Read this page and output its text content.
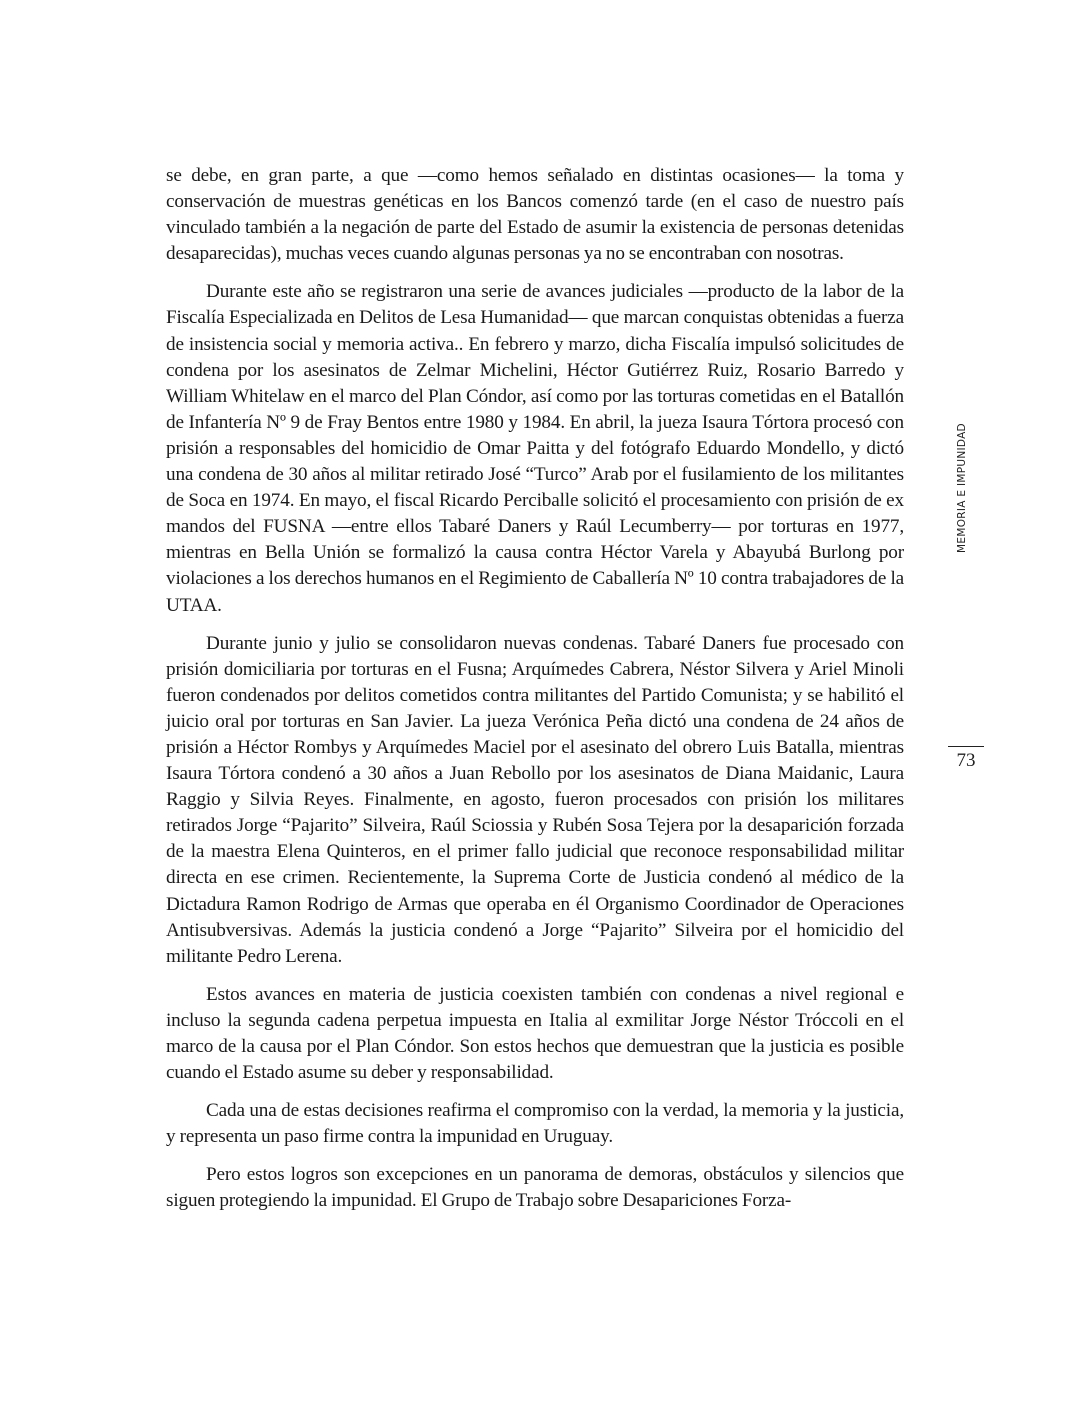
se debe, en gran parte, a que —como hemos señalado en distintas ocasiones— la toma y conservación de muestras genéticas en los Bancos comenzó tarde (en el caso de nuestro país vinculado también a la negación de parte del Estado de asumir la existencia de personas detenidas desaparecidas), muchas veces cuando algunas personas ya no se encontraban con nosotras.

Durante este año se registraron una serie de avances judiciales —producto de la labor de la Fiscalía Especializada en Delitos de Lesa Humanidad— que marcan conquistas obtenidas a fuerza de insistencia social y memoria activa.. En febrero y marzo, dicha Fiscalía impulsó solicitudes de condena por los asesinatos de Zelmar Michelini, Héctor Gutiérrez Ruiz, Rosario Barredo y William Whitelaw en el marco del Plan Cóndor, así como por las torturas cometidas en el Batallón de Infantería Nº 9 de Fray Bentos entre 1980 y 1984. En abril, la jueza Isaura Tórtora procesó con prisión a responsables del homicidio de Omar Paitta y del fotógrafo Eduardo Mondello, y dictó una condena de 30 años al militar retirado José “Turco” Arab por el fusilamiento de los militantes de Soca en 1974. En mayo, el fiscal Ricardo Perciballe solicitó el procesamiento con prisión de ex mandos del FUSNA —entre ellos Tabaré Daners y Raúl Lecumberry— por torturas en 1977, mientras en Bella Unión se formalizó la causa contra Héctor Varela y Abayubá Burlong por violaciones a los derechos humanos en el Regimiento de Caballería Nº 10 contra trabajadores de la UTAA.

Durante junio y julio se consolidaron nuevas condenas. Tabaré Daners fue procesado con prisión domiciliaria por torturas en el Fusna; Arquímedes Cabrera, Néstor Silvera y Ariel Minoli fueron condenados por delitos cometidos contra militantes del Partido Comunista; y se habilitó el juicio oral por torturas en San Javier. La jueza Verónica Peña dictó una condena de 24 años de prisión a Héctor Rombys y Arquímedes Maciel por el asesinato del obrero Luis Batalla, mientras Isaura Tórtora condenó a 30 años a Juan Rebollo por los asesinatos de Diana Maidanic, Laura Raggio y Silvia Reyes. Finalmente, en agosto, fueron procesados con prisión los militares retirados Jorge “Pajarito” Silveira, Raúl Sciossia y Rubén Sosa Tejera por la desaparición forzada de la maestra Elena Quinteros, en el primer fallo judicial que reconoce responsabilidad militar directa en ese crimen. Recientemente, la Suprema Corte de Justicia condenó al médico de la Dictadura Ramon Rodrigo de Armas que operaba en él Organismo Coordinador de Operaciones Antisubversivas. Además la justicia condenó a Jorge “Pajarito” Silveira por el homicidio del militante Pedro Lerena.

Estos avances en materia de justicia coexisten también con condenas a nivel regional e incluso la segunda cadena perpetua impuesta en Italia al exmilitar Jorge Néstor Tróccoli en el marco de la causa por el Plan Cóndor. Son estos hechos que demuestran que la justicia es posible cuando el Estado asume su deber y responsabilidad.

Cada una de estas decisiones reafirma el compromiso con la verdad, la memoria y la justicia, y representa un paso firme contra la impunidad en Uruguay.

Pero estos logros son excepciones en un panorama de demoras, obstáculos y silencios que siguen protegiendo la impunidad. El Grupo de Trabajo sobre Desapariciones Forza-

MEMORIA E IMPUNIDAD
73
